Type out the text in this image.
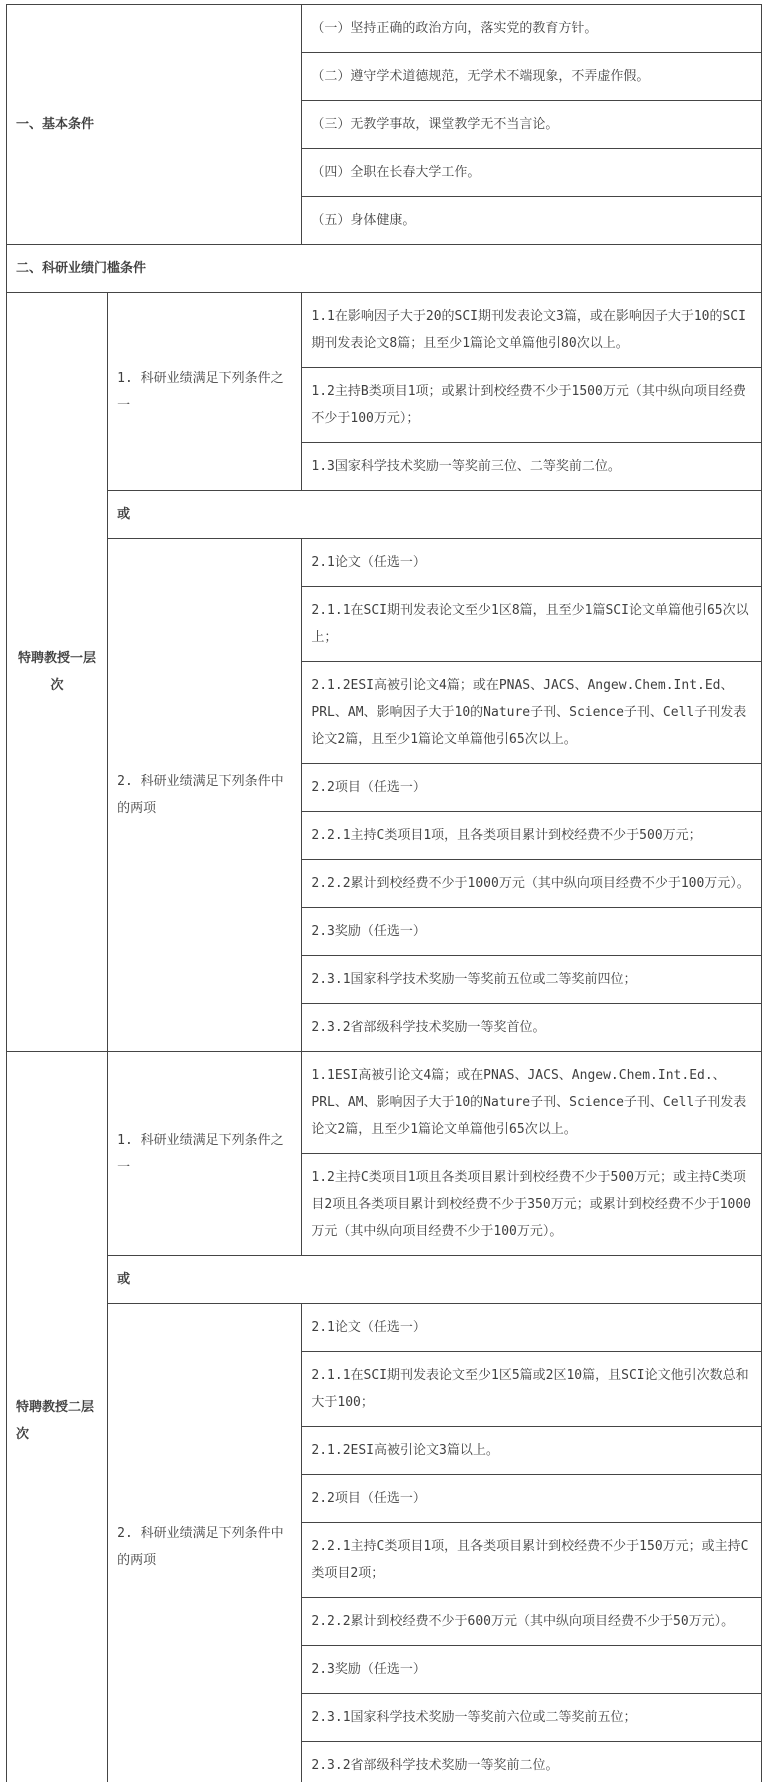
一、基本条件		（一）坚持正确的政治方向，落实党的教育方针。
		（二）遵守学术道德规范，无学术不端现象，不弄虚作假。
		（三）无教学事故，课堂教学无不当言论。
		（四）全职在长春大学工作。
		（五）身体健康。
二、科研业绩门槛条件		
特聘教授一层次	1. 科研业绩满足下列条件之一	1.1在影响因子大于20的SCI期刊发表论文3篇，或在影响因子大于10的SCI期刊发表论文8篇；且至少1篇论文单篇他引80次以上。
		1.2主持B类项目1项；或累计到校经费不少于1500万元（其中纵向项目经费不少于100万元）；
		1.3国家科学技术奖励一等奖前三位、二等奖前二位。
	或	
	2. 科研业绩满足下列条件中的两项	2.1论文（任选一）
		2.1.1在SCI期刊发表论文至少1区8篇，且至少1篇SCI论文单篇他引65次以上；
		2.1.2ESI高被引论文4篇；或在PNAS、JACS、Angew.Chem.Int.Ed、PRL、AM、影响因子大于10的Nature子刊、Science子刊、Cell子刊发表论文2篇，且至少1篇论文单篇他引65次以上。
		2.2项目（任选一）
		2.2.1主持C类项目1项，且各类项目累计到校经费不少于500万元；
		2.2.2累计到校经费不少于1000万元（其中纵向项目经费不少于100万元）。
		2.3奖励（任选一）
		2.3.1国家科学技术奖励一等奖前五位或二等奖前四位；
		2.3.2省部级科学技术奖励一等奖首位。
特聘教授二层次	1. 科研业绩满足下列条件之一	1.1ESI高被引论文4篇；或在PNAS、JACS、Angew.Chem.Int.Ed.、PRL、AM、影响因子大于10的Nature子刊、Science子刊、Cell子刊发表论文2篇，且至少1篇论文单篇他引65次以上。
		1.2主持C类项目1项且各类项目累计到校经费不少于500万元；或主持C类项目2项且各类项目累计到校经费不少于350万元；或累计到校经费不少于1000万元（其中纵向项目经费不少于100万元）。
	或	
	2. 科研业绩满足下列条件中的两项	2.1论文（任选一）
		2.1.1在SCI期刊发表论文至少1区5篇或2区10篇，且SCI论文他引次数总和大于100；
		2.1.2ESI高被引论文3篇以上。
		2.2项目（任选一）
		2.2.1主持C类项目1项，且各类项目累计到校经费不少于150万元；或主持C类项目2项；
		2.2.2累计到校经费不少于600万元（其中纵向项目经费不少于50万元）。
		2.3奖励（任选一）
		2.3.1国家科学技术奖励一等奖前六位或二等奖前五位；
		2.3.2省部级科学技术奖励一等奖前二位。
